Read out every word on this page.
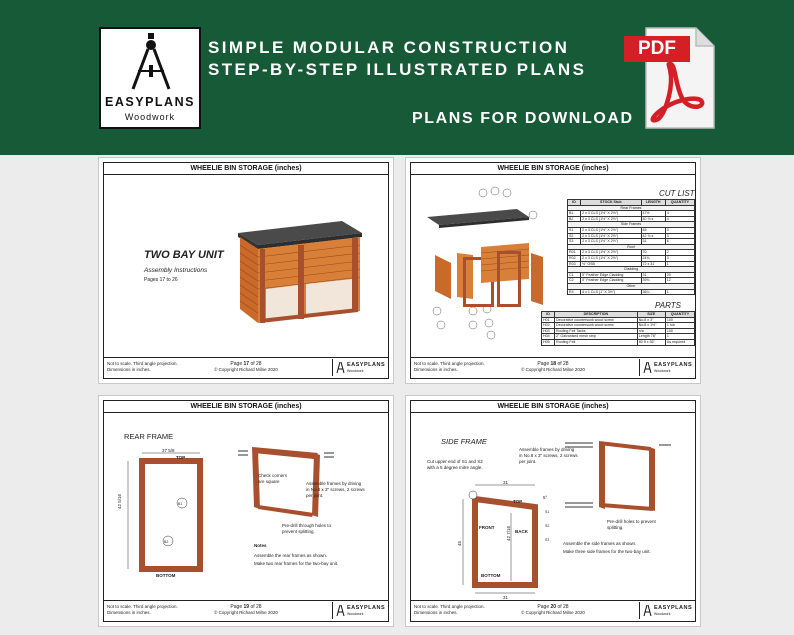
EASYPLANS
Woodwork
SIMPLE MODULAR CONSTRUCTION
STEP-BY-STEP ILLUSTRATED PLANS
PLANS FOR DOWNLOAD
PDF
WHEELIE BIN STORAGE (inches)
TWO BAY UNIT
Assembly Instructions
Pages 17 to 26
Not to scale. Third angle projection.
Dimensions in inches.
Page 17 of 28
© Copyright Richard Milne 2020
EASYPLANS
Woodwork
WHEELIE BIN STORAGE (inches)
CUT LIST
ID	STOCK Stub	LENGTH	QUANTITY
Rear Frames			
B1	2 x 3 CLS (1½" X 2½")	47½	4
B2	2 x 3 CLS (1½" X 2½")	40 ¾ s	4
Side Frames			
S1	2 x 3 CLS (1½" X 2½")	45	3
S2	2 x 3 CLS (1½" X 2½")	42 ¾ s	3
S3	2 x 3 CLS (1½" X 2½")	31	6
Roof			
R01	2 x 3 CLS (1½" X 2½")	70	2
R02	2 x 3 CLS (1½" X 2½")	24¾	3
R03	½" OSB	72 x 31	1
Cladding			
C1	5" Feather Edge Cladding	31	20
C2	5" Feather Edge Cladding	39¾	12
Other			
R4	4 x 1 CLS (1" X 3½")	36¼	1
PARTS
ID	DESCRIPTION	SIZE	QUANTITY
H01	Decorative countersunk wood screw	No.8 x 3"	100
H02	Decorative countersunk wood screw	No.8 x 1½"	1 tub
H03	Roofing Felt Tacks	n/a	100
H04	2" Galvanised mesh strip	Length 78"	1
H05	Roofing Felt	80 ft x 36"	As required
Not to scale. Third angle projection.
Dimensions in inches.
Page 18 of 28
© Copyright Richard Milne 2020
EASYPLANS
Woodwork
WHEELIE BIN STORAGE (inches)
REAR FRAME
37 5/8
42 5/16
TOP
BOTTOM
B1
B2
Check corners are square	Assemble frames by driving in No.8 x 3" screws, 2 screws per joint.
Pre-drill through holes to prevent splitting.
Notes
Assemble the rear frames as shown.
Make two rear frames for the two-bay unit.
Not to scale. Third angle projection.
Dimensions in inches.
Page 19 of 28
© Copyright Richard Milne 2020
EASYPLANS
Woodwork
WHEELIE BIN STORAGE (inches)
SIDE FRAME
Cut upper end of S1 and S2 with a 5 degree mitre angle.
31
45
42 7/16
31
5°
TOP
FRONT
BACK
BOTTOM
S1
S2
S3
Assemble frames by driving in No.8 x 3" screws, 2 screws per joint.
Pre-drill holes to prevent splitting.
Assemble the side frames as shown.
Make three side frames for the two-bay unit.
Not to scale. Third angle projection.
Dimensions in inches.
Page 20 of 28
© Copyright Richard Milne 2020
EASYPLANS
Woodwork
